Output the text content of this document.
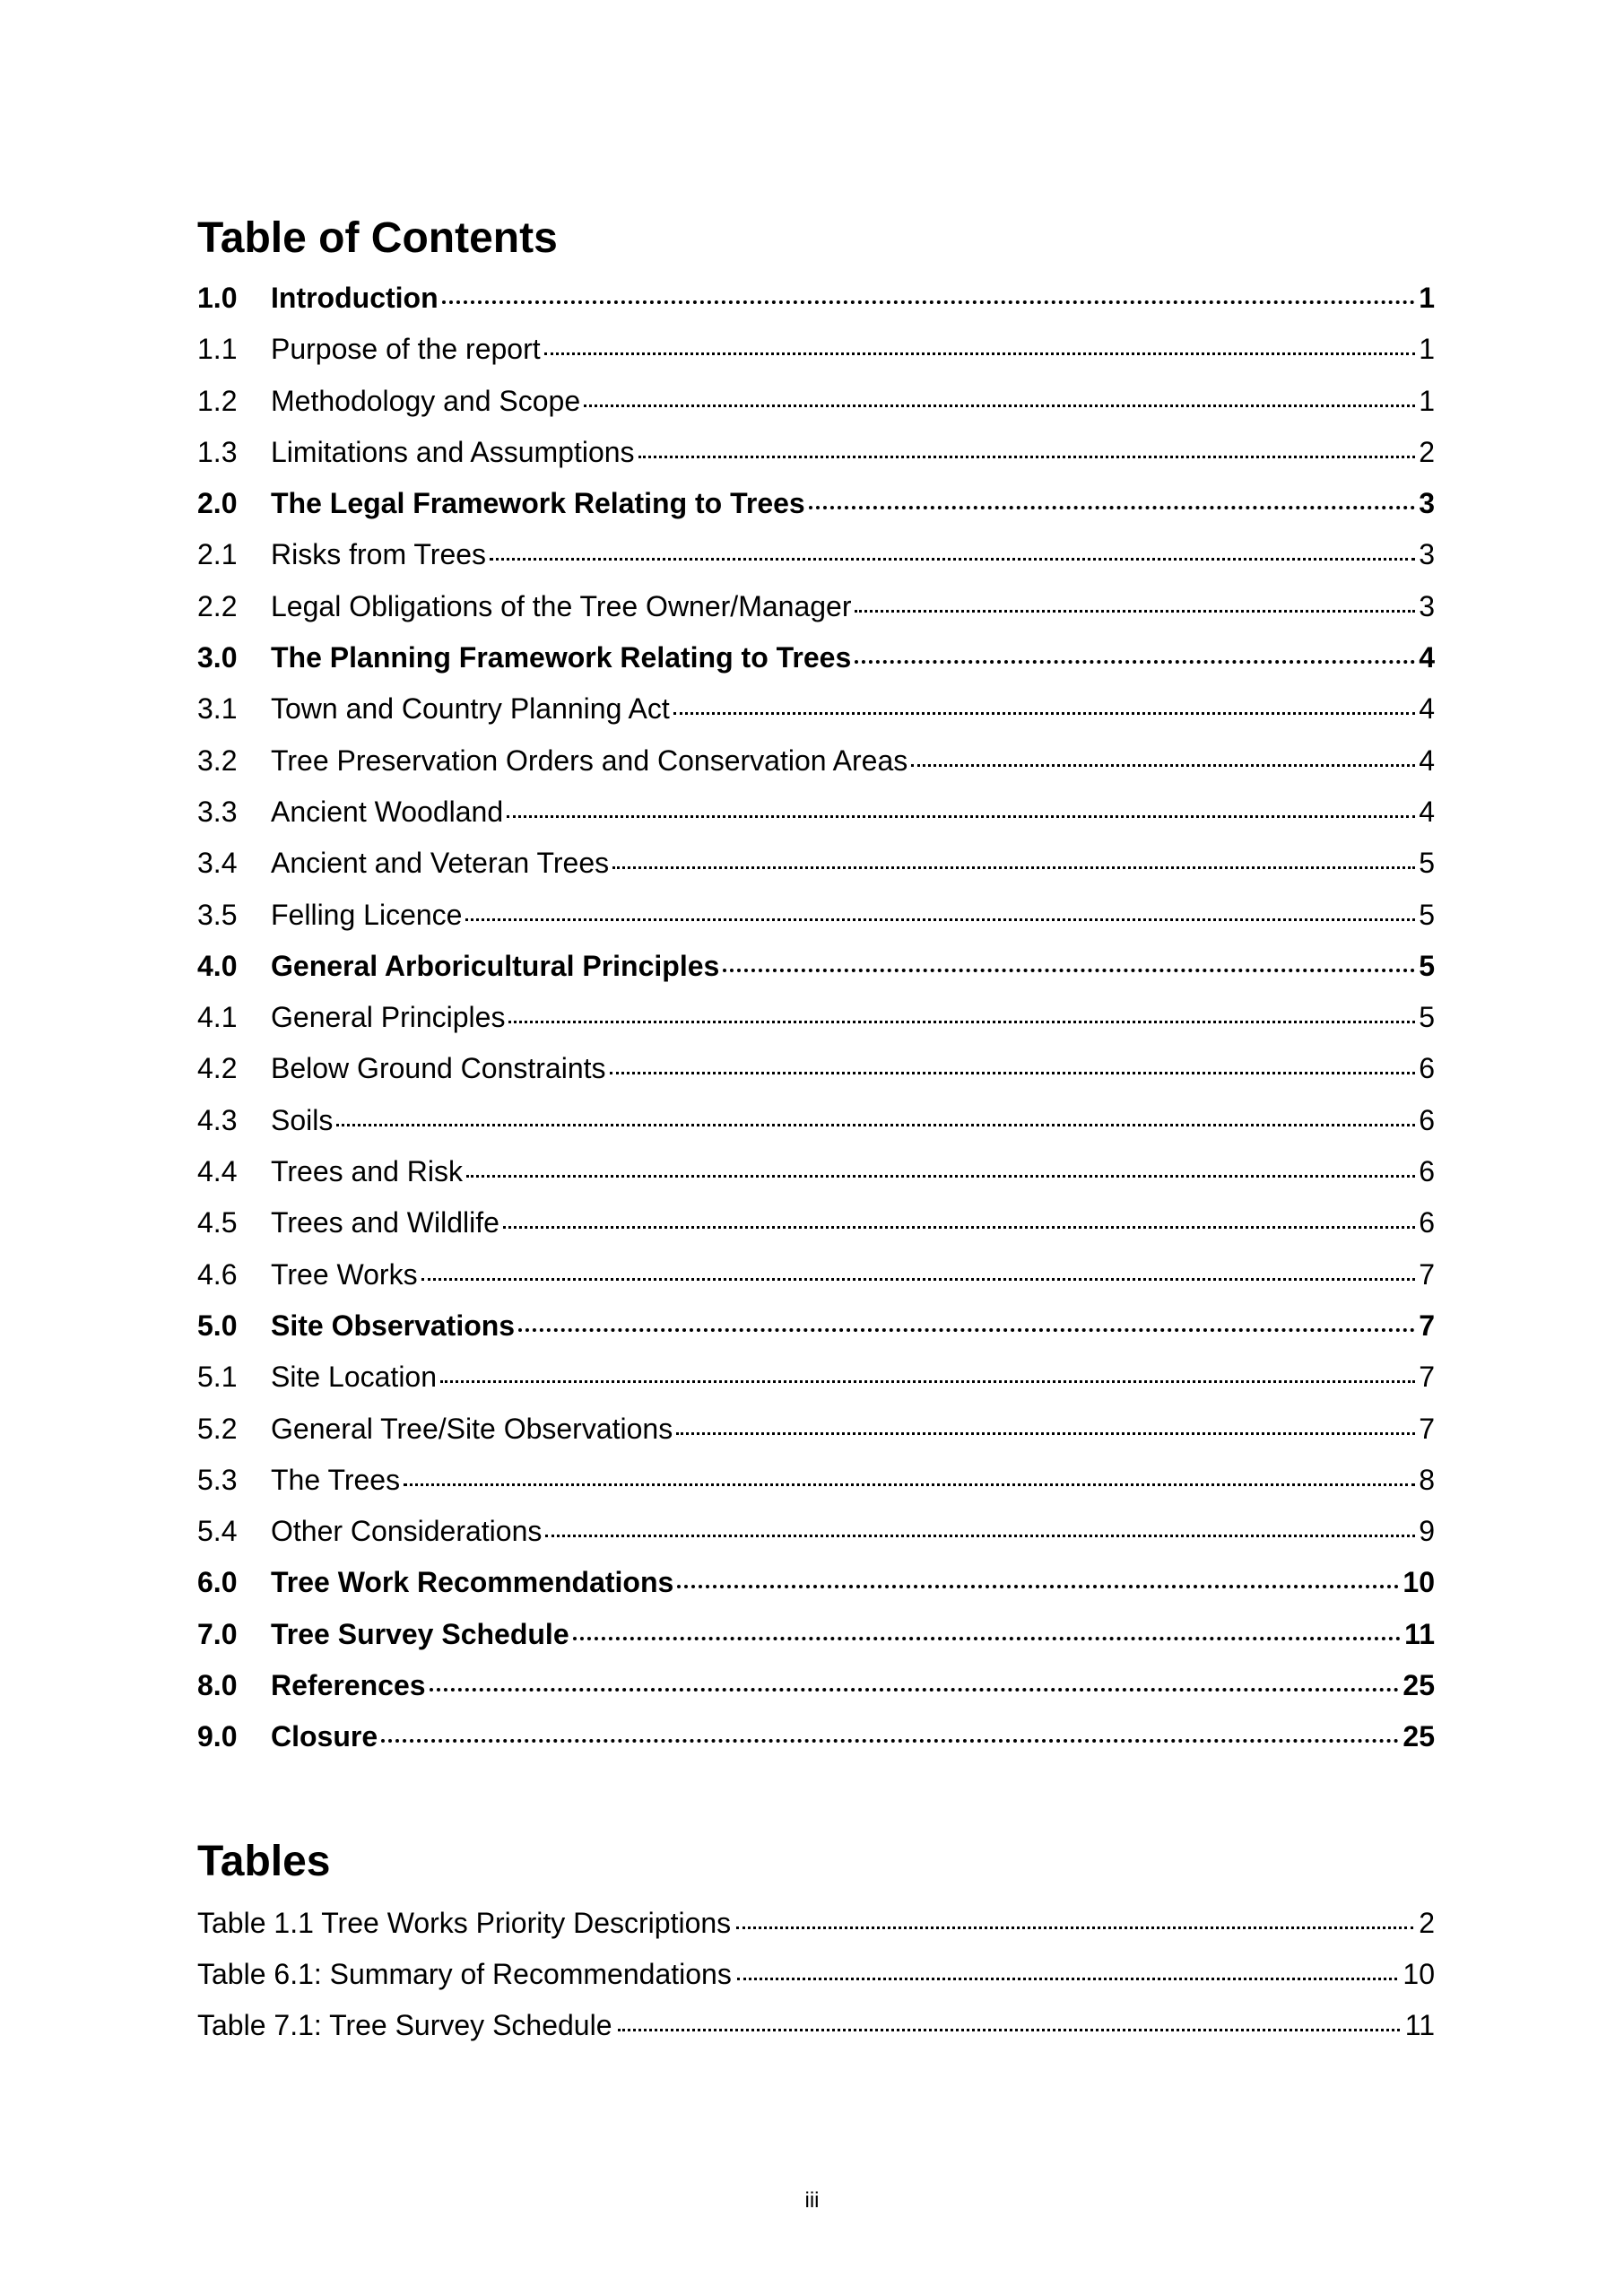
Table of Contents
1.0	Introduction	1
1.1	Purpose of the report	1
1.2	Methodology and Scope	1
1.3	Limitations and Assumptions	2
2.0	The Legal Framework Relating to Trees	3
2.1	Risks from Trees	3
2.2	Legal Obligations of the Tree Owner/Manager	3
3.0	The Planning Framework Relating to Trees	4
3.1	Town and Country Planning Act	4
3.2	Tree Preservation Orders and Conservation Areas	4
3.3	Ancient Woodland	4
3.4	Ancient and Veteran Trees	5
3.5	Felling Licence	5
4.0	General Arboricultural Principles	5
4.1	General Principles	5
4.2	Below Ground Constraints	6
4.3	Soils	6
4.4	Trees and Risk	6
4.5	Trees and Wildlife	6
4.6	Tree Works	7
5.0	Site Observations	7
5.1	Site Location	7
5.2	General Tree/Site Observations	7
5.3	The Trees	8
5.4	Other Considerations	9
6.0	Tree Work Recommendations	10
7.0	Tree Survey Schedule	11
8.0	References	25
9.0	Closure	25
Tables
Table 1.1 Tree Works Priority Descriptions	2
Table 6.1: Summary of Recommendations	10
Table 7.1: Tree Survey Schedule	11
iii
